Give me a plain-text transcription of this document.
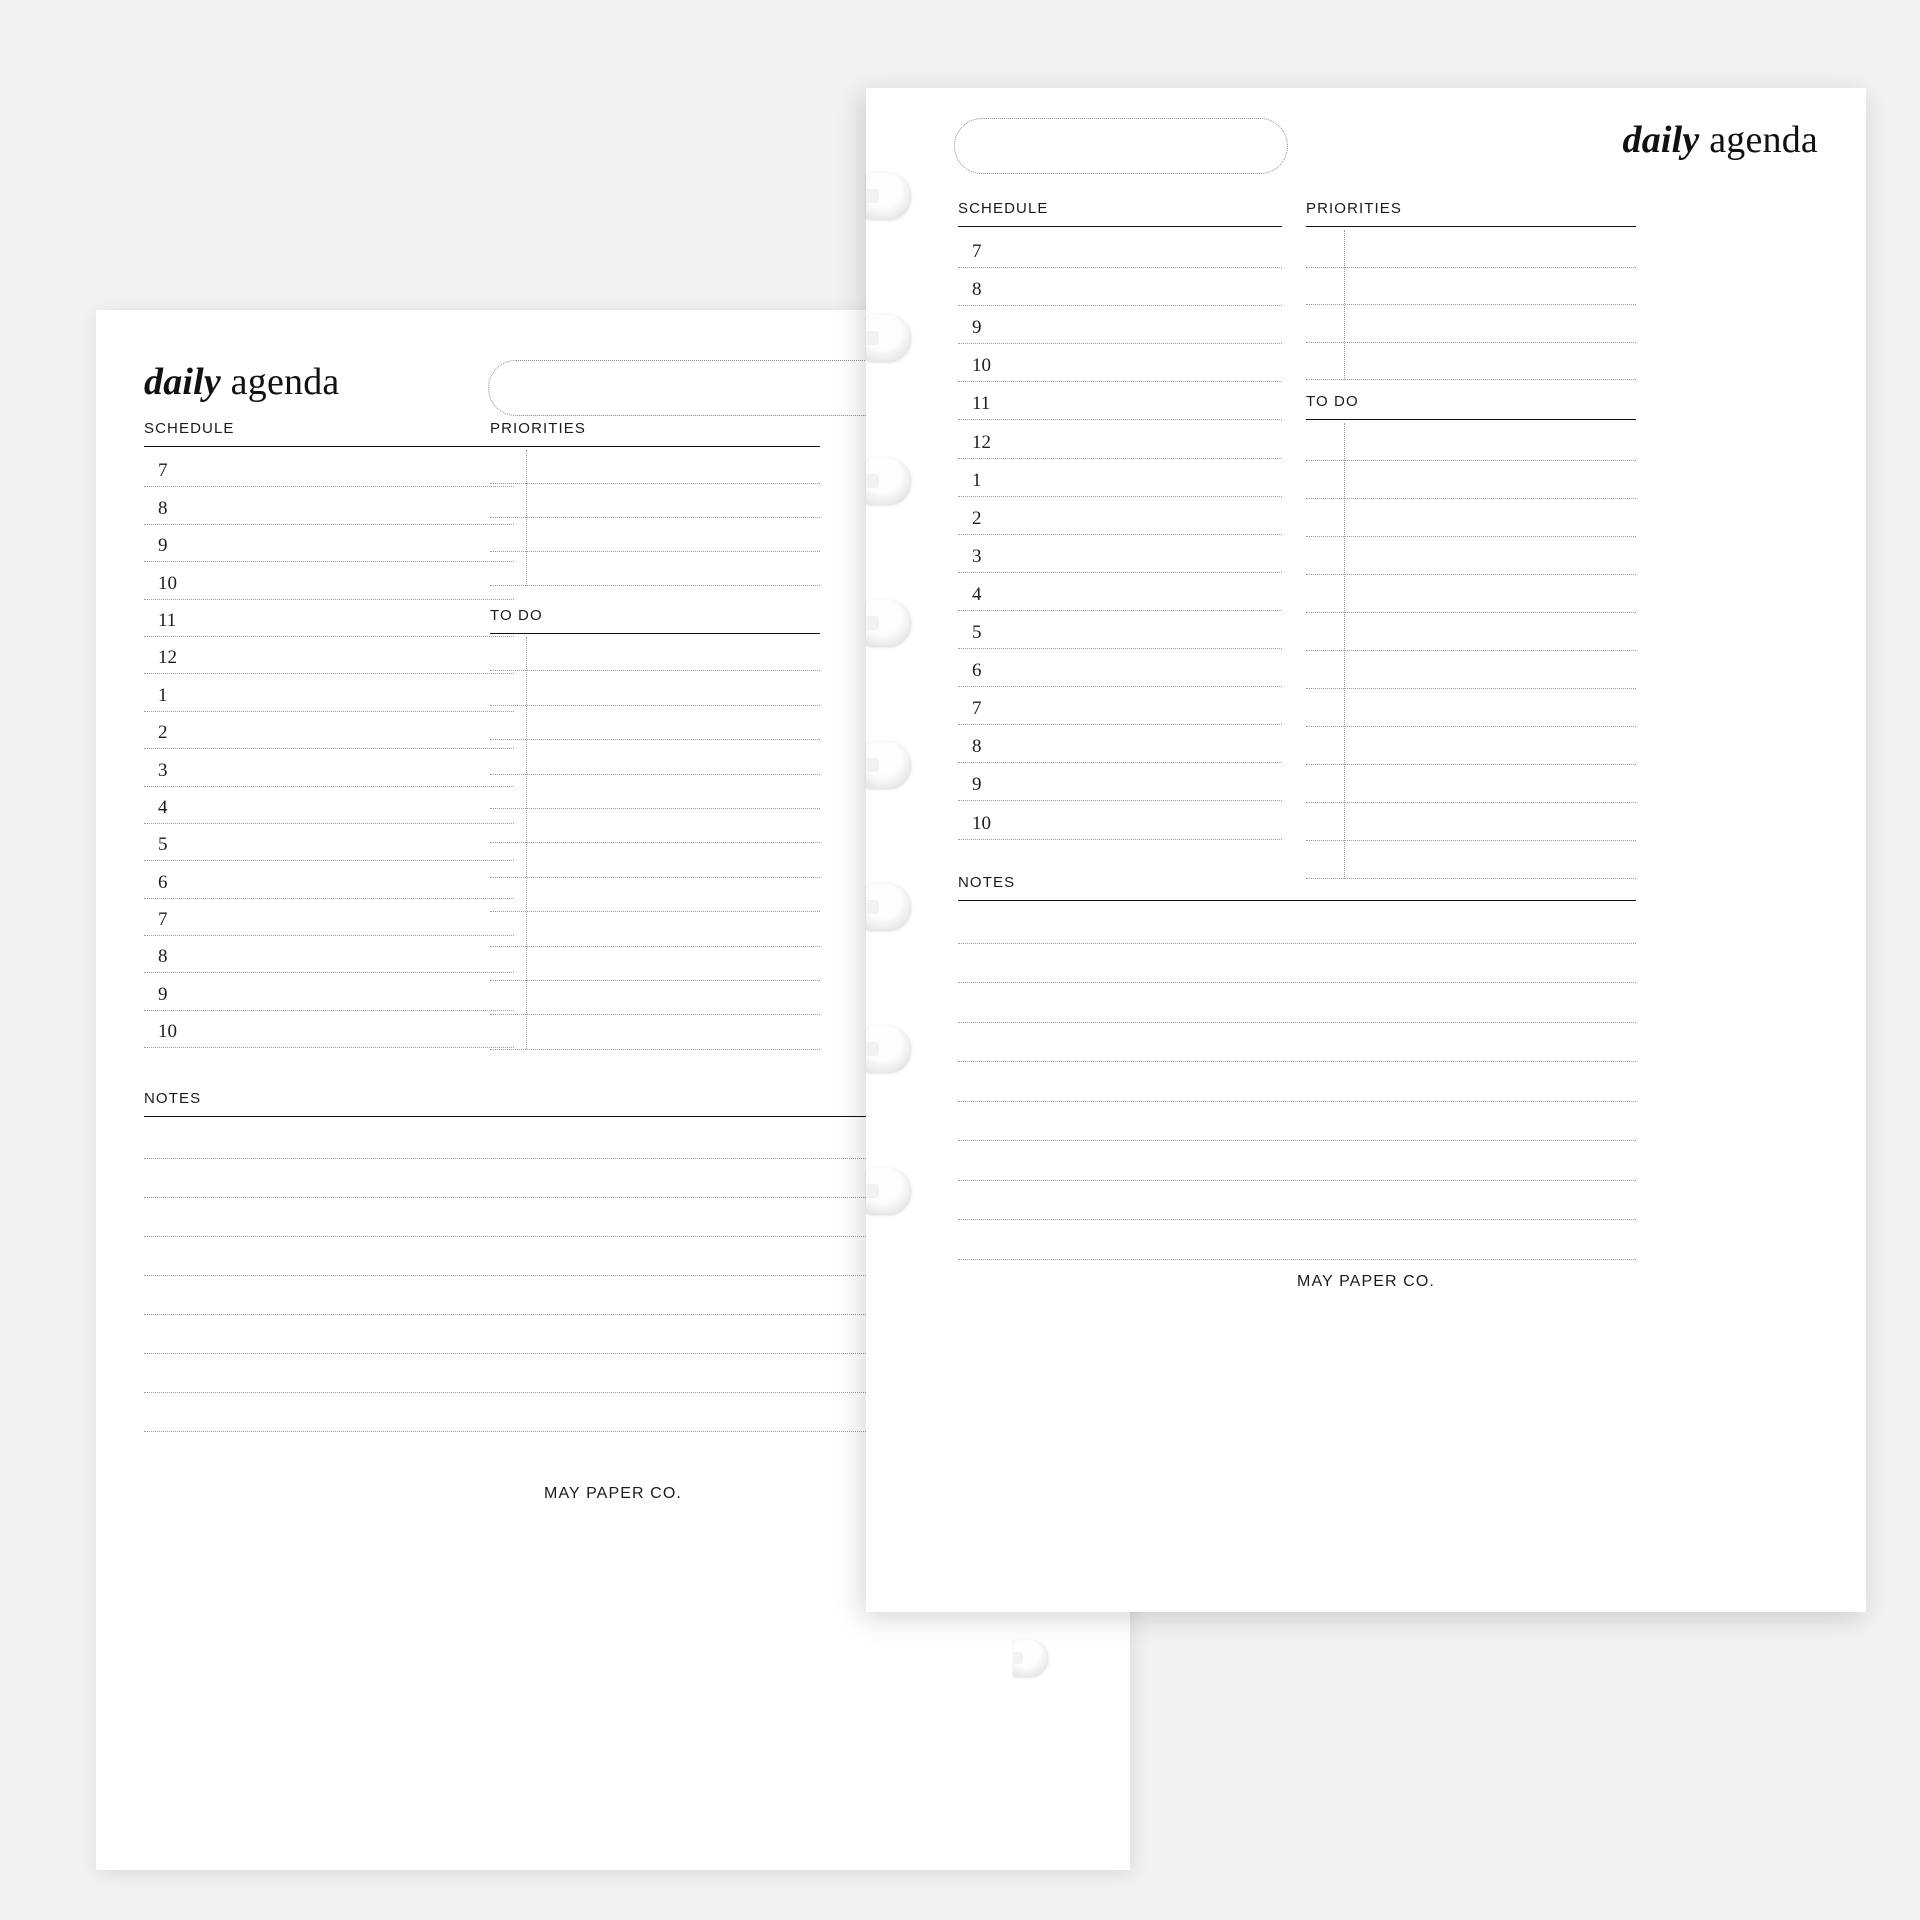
daily agenda
SCHEDULE
7
8
9
10
11
12
1
2
3
4
5
6
7
8
9
10
PRIORITIES
TO DO
NOTES
MAY PAPER CO.
daily agenda
SCHEDULE
7
8
9
10
11
12
1
2
3
4
5
6
7
8
9
10
PRIORITIES
TO DO
NOTES
MAY PAPER CO.
